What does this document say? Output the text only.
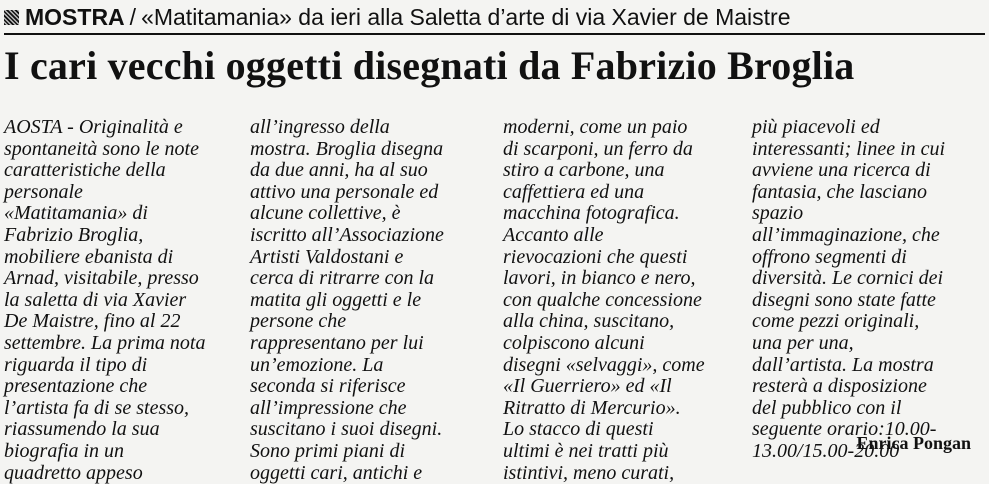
MOSTRA / «Matitamania» da ieri alla Saletta d’arte di via Xavier de Maistre
I cari vecchi oggetti disegnati da Fabrizio Broglia
AOSTA - Originalità e
spontaneità sono le note
caratteristiche della
personale
«Matitamania» di
Fabrizio Broglia,
mobiliere ebanista di
Arnad, visitabile, presso
la saletta di via Xavier
De Maistre, fino al 22
settembre. La prima nota
riguarda il tipo di
presentazione che
l’artista fa di se stesso,
riassumendo la sua
biografia in un
quadretto appeso
all’ingresso della
mostra. Broglia disegna
da due anni, ha al suo
attivo una personale ed
alcune collettive, è
iscritto all’Associazione
Artisti Valdostani e
cerca di ritrarre con la
matita gli oggetti e le
persone che
rappresentano per lui
un’emozione. La
seconda si riferisce
all’impressione che
suscitano i suoi disegni.
Sono primi piani di
oggetti cari, antichi e
moderni, come un paio
di scarponi, un ferro da
stiro a carbone, una
caffettiera ed una
macchina fotografica.
Accanto alle
rievocazioni che questi
lavori, in bianco e nero,
con qualche concessione
alla china, suscitano,
colpiscono alcuni
disegni «selvaggi», come
«Il Guerriero» ed «Il
Ritratto di Mercurio».
Lo stacco di questi
ultimi è nei tratti più
istintivi, meno curati,
più piacevoli ed
interessanti; linee in cui
avviene una ricerca di
fantasia, che lasciano
spazio
all’immaginazione, che
offrono segmenti di
diversità. Le cornici dei
disegni sono state fatte
come pezzi originali,
una per una,
dall’artista. La mostra
resterà a disposizione
del pubblico con il
seguente orario:10.00-
13.00/15.00-20.00
Enrica Pongan
